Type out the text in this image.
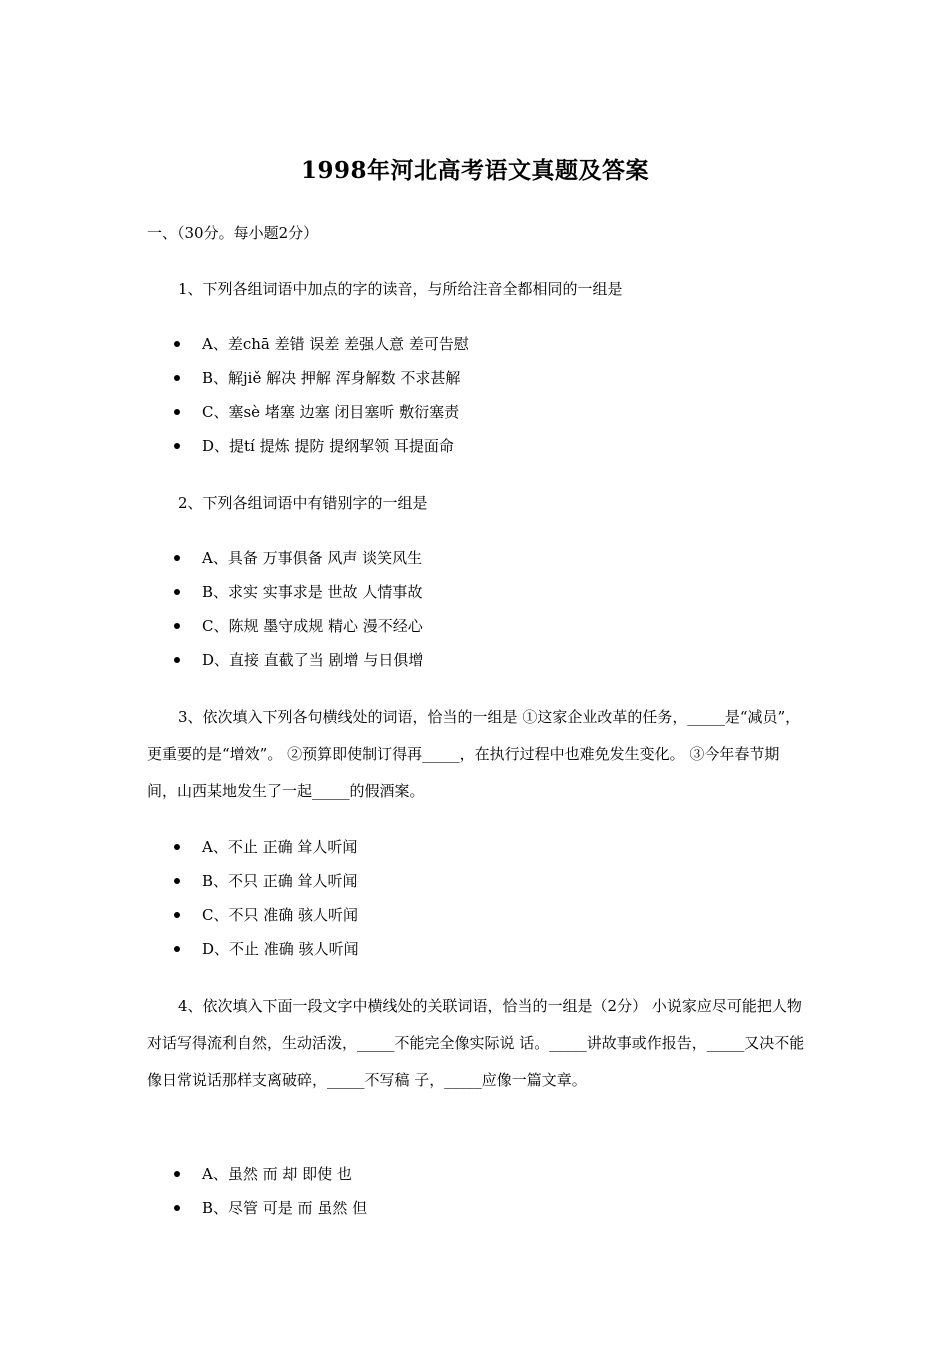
1998年河北高考语文真题及答案
一、（30分。每小题2分）
1、下列各组词语中加点的字的读音，与所给注音全都相同的一组是
A、差chā 差错 误差 差强人意 差可告慰
B、解jiě 解决 押解 浑身解数 不求甚解
C、塞sè 堵塞 边塞 闭目塞听 敷衍塞责
D、提tí 提炼 提防 提纲挈领 耳提面命
2、下列各组词语中有错别字的一组是
A、具备 万事俱备 风声 谈笑风生
B、求实 实事求是 世故 人情事故
C、陈规 墨守成规 精心 漫不经心
D、直接 直截了当 剧增 与日俱增
3、依次填入下列各句横线处的词语，恰当的一组是 ①这家企业改革的任务，_____是“减员”，更重要的是“增效”。 ②预算即使制订得再_____，在执行过程中也难免发生变化。 ③今年春节期间，山西某地发生了一起_____的假酒案。
A、不止 正确 耸人听闻
B、不只 正确 耸人听闻
C、不只 准确 骇人听闻
D、不止 准确 骇人听闻
4、依次填入下面一段文字中横线处的关联词语，恰当的一组是（2分） 小说家应尽可能把人物对话写得流利自然，生动活泼，_____不能完全像实际说 话。_____讲故事或作报告，_____又决不能像日常说话那样支离破碎，_____不写稿 子，_____应像一篇文章。
A、虽然 而 却 即使 也
B、尽管 可是 而 虽然 但
